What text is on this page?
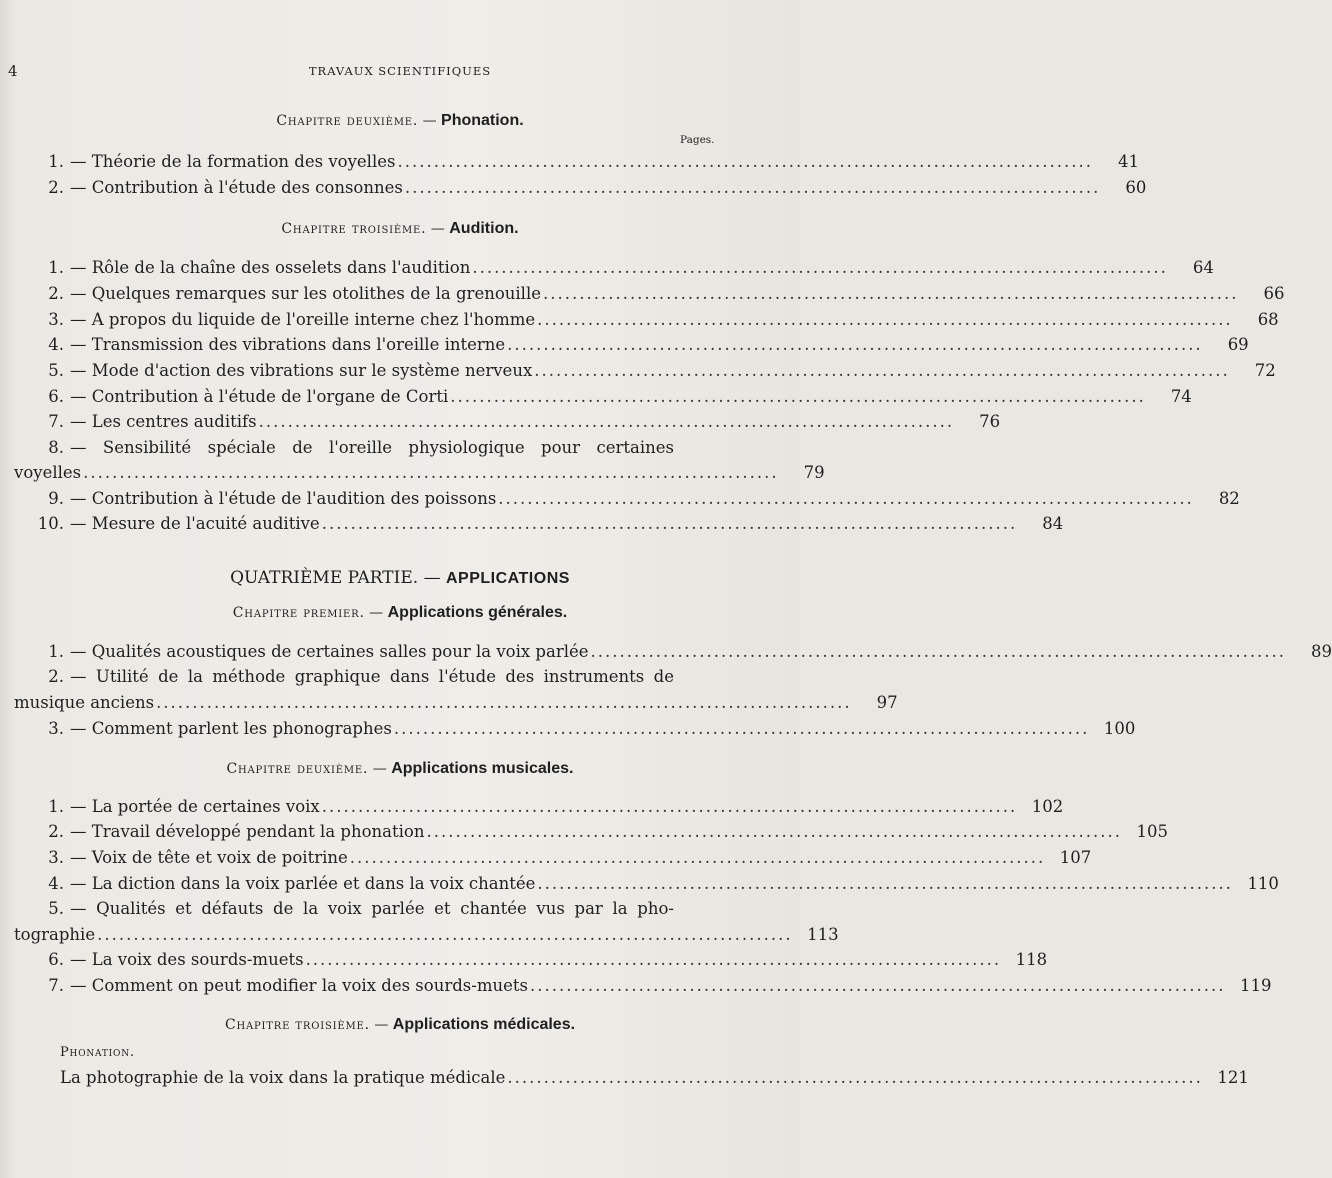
4	TRAVAUX SCIENTIFIQUES
Chapitre deuxième. — Phonation.
Pages.
1. — Théorie de la formation des voyelles ................................................................................................	41
2. — Contribution à l'étude des consonnes ................................................................................................	60
Chapitre troisième. — Audition.
1. — Rôle de la chaîne des osselets dans l'audition ................................................................................................	64
2. — Quelques remarques sur les otolithes de la grenouille ................................................................................................	66
3. — A propos du liquide de l'oreille interne chez l'homme ................................................................................................	68
4. — Transmission des vibrations dans l'oreille interne ................................................................................................	69
5. — Mode d'action des vibrations sur le système nerveux ................................................................................................	72
6. — Contribution à l'étude de l'organe de Corti ................................................................................................	74
7. — Les centres auditifs ................................................................................................	76
8. — Sensibilité spéciale de l'oreille physiologique pour certaines
voyelles ................................................................................................	79
9. — Contribution à l'étude de l'audition des poissons ................................................................................................	82
10. — Mesure de l'acuité auditive ................................................................................................	84
QUATRIÈME PARTIE. — APPLICATIONS
Chapitre premier. — Applications générales.
1. — Qualités acoustiques de certaines salles pour la voix parlée ................................................................................................	89
2. — Utilité de la méthode graphique dans l'étude des instruments de
musique anciens ................................................................................................	97
3. — Comment parlent les phonographes ................................................................................................ 100
Chapitre deuxième. — Applications musicales.
1. — La portée de certaines voix ................................................................................................ 102
2. — Travail développé pendant la phonation ................................................................................................ 105
3. — Voix de tête et voix de poitrine ................................................................................................ 107
4. — La diction dans la voix parlée et dans la voix chantée ................................................................................................ 110
5. — Qualités et défauts de la voix parlée et chantée vus par la pho-
tographie ................................................................................................ 113
6. — La voix des sourds-muets ................................................................................................ 118
7. — Comment on peut modifier la voix des sourds-muets ................................................................................................ 119
Chapitre troisième. — Applications médicales.
Phonation.
La photographie de la voix dans la pratique médicale ................................................................................................ 121
